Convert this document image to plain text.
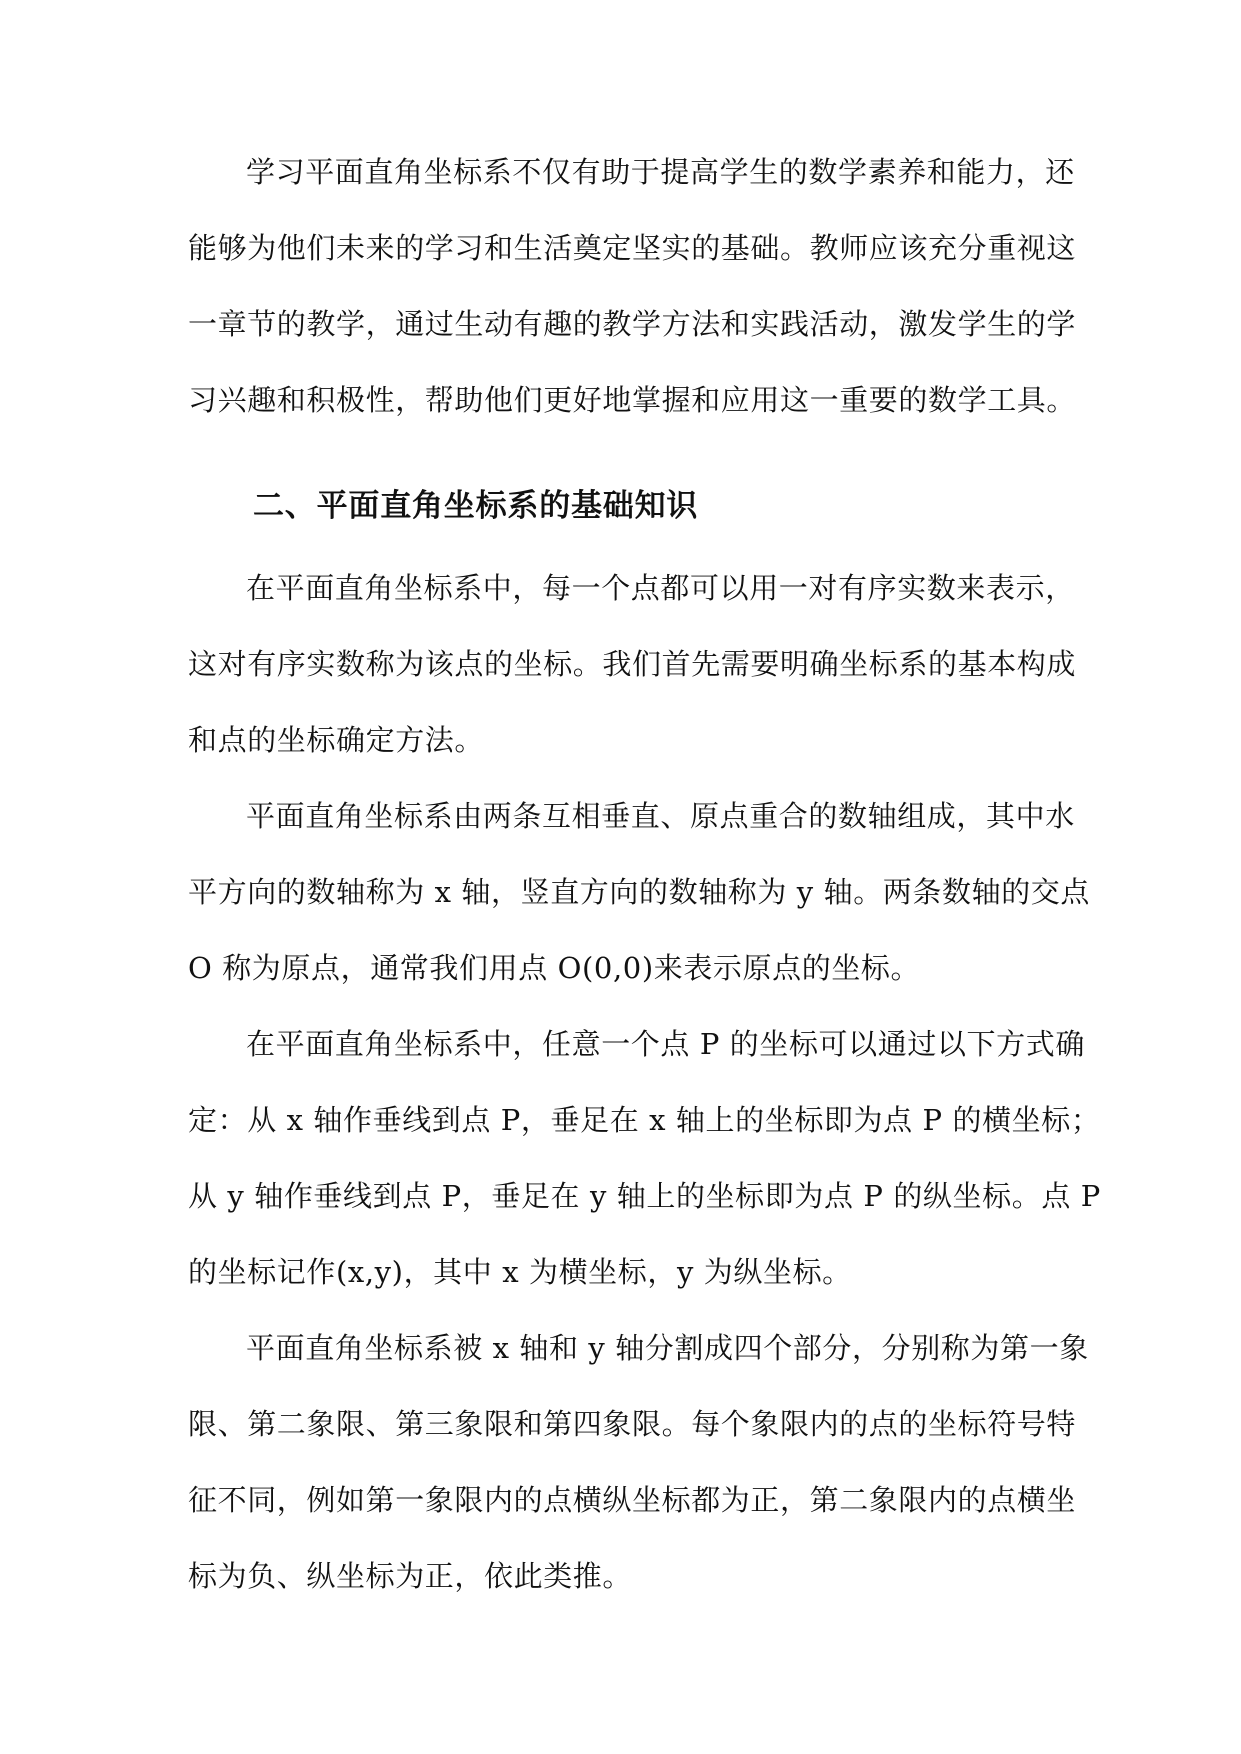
学习平面直角坐标系不仅有助于提高学生的数学素养和能力，还
能够为他们未来的学习和生活奠定坚实的基础。教师应该充分重视这
一章节的教学，通过生动有趣的教学方法和实践活动，激发学生的学
习兴趣和积极性，帮助他们更好地掌握和应用这一重要的数学工具。
二、平面直角坐标系的基础知识
在平面直角坐标系中，每一个点都可以用一对有序实数来表示，
这对有序实数称为该点的坐标。我们首先需要明确坐标系的基本构成
和点的坐标确定方法。
平面直角坐标系由两条互相垂直、原点重合的数轴组成，其中水
平方向的数轴称为 x 轴，竖直方向的数轴称为 y 轴。两条数轴的交点
O 称为原点，通常我们用点 O(0,0)来表示原点的坐标。
在平面直角坐标系中，任意一个点 P 的坐标可以通过以下方式确
定：从 x 轴作垂线到点 P，垂足在 x 轴上的坐标即为点 P 的横坐标；
从 y 轴作垂线到点 P，垂足在 y 轴上的坐标即为点 P 的纵坐标。点 P
的坐标记作(x,y)，其中 x 为横坐标，y 为纵坐标。
平面直角坐标系被 x 轴和 y 轴分割成四个部分，分别称为第一象
限、第二象限、第三象限和第四象限。每个象限内的点的坐标符号特
征不同，例如第一象限内的点横纵坐标都为正，第二象限内的点横坐
标为负、纵坐标为正，依此类推。
